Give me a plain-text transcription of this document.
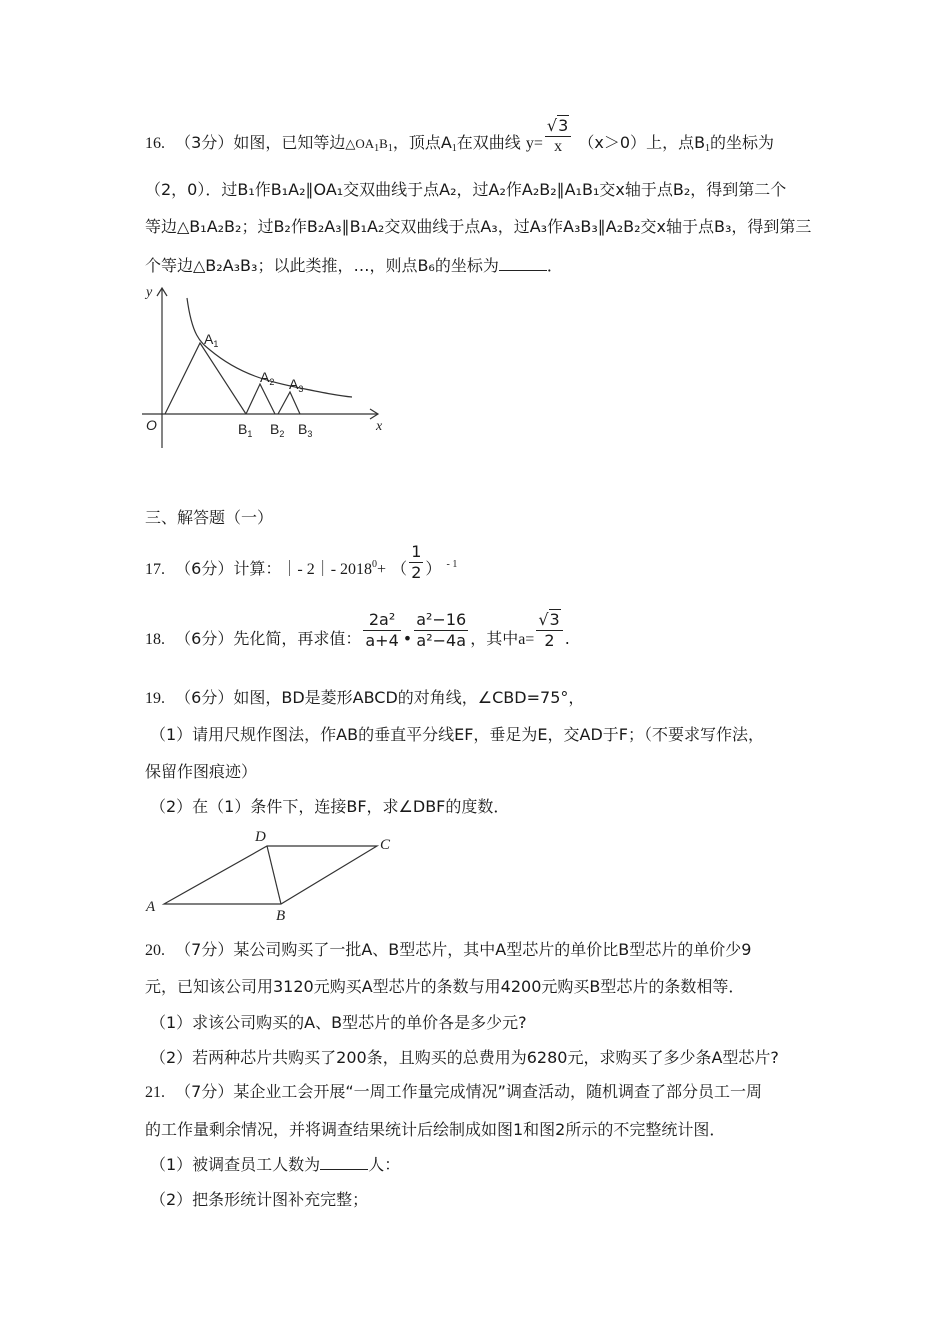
16. （3分）如图，已知等边$\triangle OA_1B_1$，顶点$A_1$在双曲线 $y= \frac{√3}{x} (x>0)$上，点$B_1$的坐标为
（2，0）．过B₁作B₁A₂∥OA₁交双曲线于点A₂，过A₂作A₂B₂∥A₁B₁交x轴于点B₂，得到第二个
等边△B₁A₂B₂；过B₂作B₂A₃∥B₁A₂交双曲线于点A₃，过A₃作A₃B₃∥A₂B₂交x轴于点B₃，得到第三
个等边△B₂A₃B₃；以此类推，…，则点B₆的坐标为	．
y
x
O
$A_1$
$A_2$ $A_3$
$B_1$ $B_2$ $B_3$
三、解答题（一）
17. （6分）计算：｜- 2｜- $2018^0+$ （ $\frac{1}{2}$ ） $^{- 1}$
18. （6分）先化简，再求值： $\frac{\text{2a²}}{a+4}$ • $\frac{\text{a²−16}}{\text{a²−4a}}$ ，其中$a= \frac{√3}{2}$ .
19. （6分）如图，BD是菱形ABCD的对角线，∠CBD=75°，
（1）请用尺规作图法，作AB的垂直平分线EF，垂足为E，交AD于F；（不要求写作法，
保留作图痕迹）
（2）在（1）条件下，连接BF，求∠DBF的度数．
A
B
C
D
20. （7分）某公司购买了一批A、B型芯片，其中A型芯片的单价比B型芯片的单价少9
元，已知该公司用3120元购买A型芯片的条数与用4200元购买B型芯片的条数相等．
（1）求该公司购买的A、B型芯片的单价各是多少元?
（2）若两种芯片共购买了200条，且购买的总费用为6280元，求购买了多少条A型芯片?
21. （7分）某企业工会开展“一周工作量完成情况”调查活动，随机调查了部分员工一周
的工作量剩余情况，并将调查结果统计后绘制成如图1和图2所示的不完整统计图．
（1）被调查员工人数为	人：
（2）把条形统计图补充完整；
